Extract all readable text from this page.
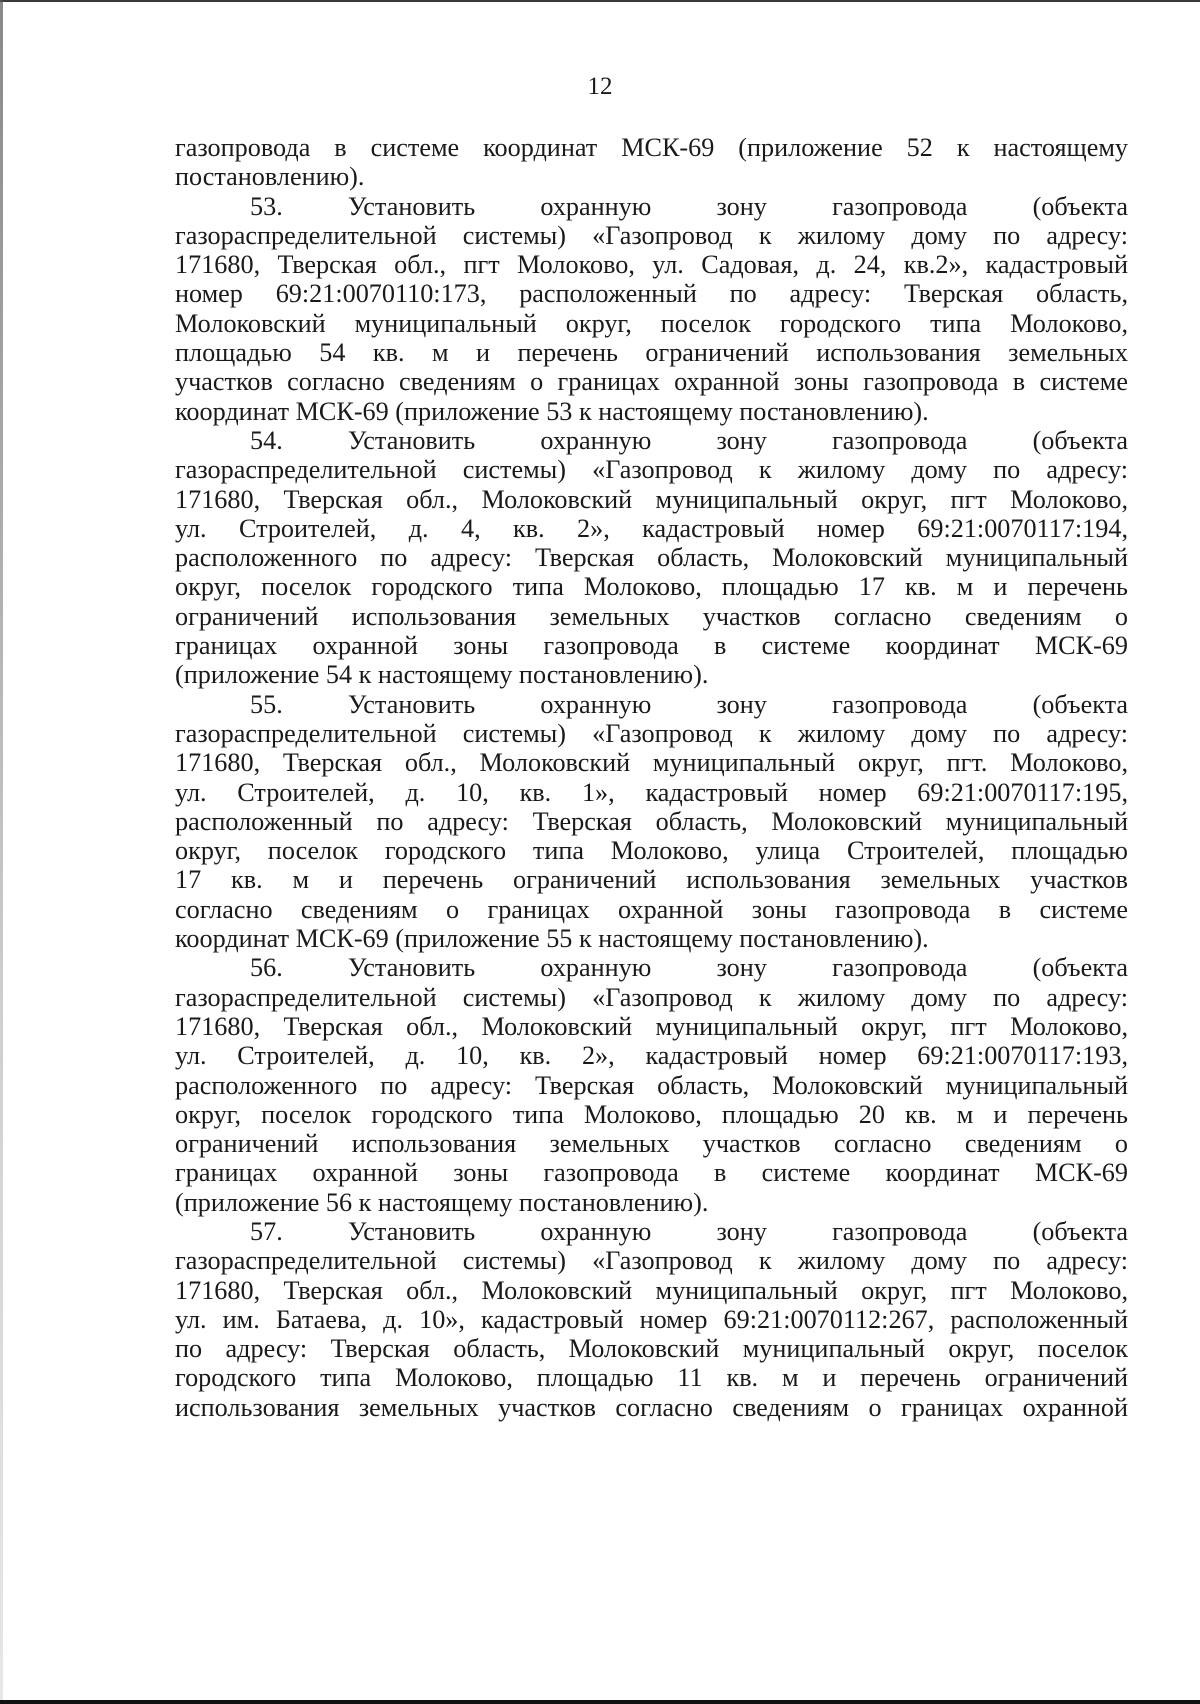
12
газопровода в системе координат МСК-69 (приложение 52 к настоящему
постановлению).
53. Установить охранную зону газопровода (объекта
газораспределительной системы) «Газопровод к жилому дому по адресу:
171680, Тверская обл., пгт Молоково, ул. Садовая, д. 24, кв.2», кадастровый
номер 69:21:0070110:173, расположенный по адресу: Тверская область,
Молоковский муниципальный округ, поселок городского типа Молоково,
площадью 54 кв. м и перечень ограничений использования земельных
участков согласно сведениям о границах охранной зоны газопровода в системе
координат МСК-69 (приложение 53 к настоящему постановлению).
54. Установить охранную зону газопровода (объекта
газораспределительной системы) «Газопровод к жилому дому по адресу:
171680, Тверская обл., Молоковский муниципальный округ, пгт Молоково,
ул. Строителей, д. 4, кв. 2», кадастровый номер 69:21:0070117:194,
расположенного по адресу: Тверская область, Молоковский муниципальный
округ, поселок городского типа Молоково, площадью 17 кв. м и перечень
ограничений использования земельных участков согласно сведениям о
границах охранной зоны газопровода в системе координат МСК-69
(приложение 54 к настоящему постановлению).
55. Установить охранную зону газопровода (объекта
газораспределительной системы) «Газопровод к жилому дому по адресу:
171680, Тверская обл., Молоковский муниципальный округ, пгт. Молоково,
ул. Строителей, д. 10, кв. 1», кадастровый номер 69:21:0070117:195,
расположенный по адресу: Тверская область, Молоковский муниципальный
округ, поселок городского типа Молоково, улица Строителей, площадью
17 кв. м и перечень ограничений использования земельных участков
согласно сведениям о границах охранной зоны газопровода в системе
координат МСК-69 (приложение 55 к настоящему постановлению).
56. Установить охранную зону газопровода (объекта
газораспределительной системы) «Газопровод к жилому дому по адресу:
171680, Тверская обл., Молоковский муниципальный округ, пгт Молоково,
ул. Строителей, д. 10, кв. 2», кадастровый номер 69:21:0070117:193,
расположенного по адресу: Тверская область, Молоковский муниципальный
округ, поселок городского типа Молоково, площадью 20 кв. м и перечень
ограничений использования земельных участков согласно сведениям о
границах охранной зоны газопровода в системе координат МСК-69
(приложение 56 к настоящему постановлению).
57. Установить охранную зону газопровода (объекта
газораспределительной системы) «Газопровод к жилому дому по адресу:
171680, Тверская обл., Молоковский муниципальный округ, пгт Молоково,
ул. им. Батаева, д. 10», кадастровый номер 69:21:0070112:267, расположенный
по адресу: Тверская область, Молоковский муниципальный округ, поселок
городского типа Молоково, площадью 11 кв. м и перечень ограничений
использования земельных участков согласно сведениям о границах охранной
